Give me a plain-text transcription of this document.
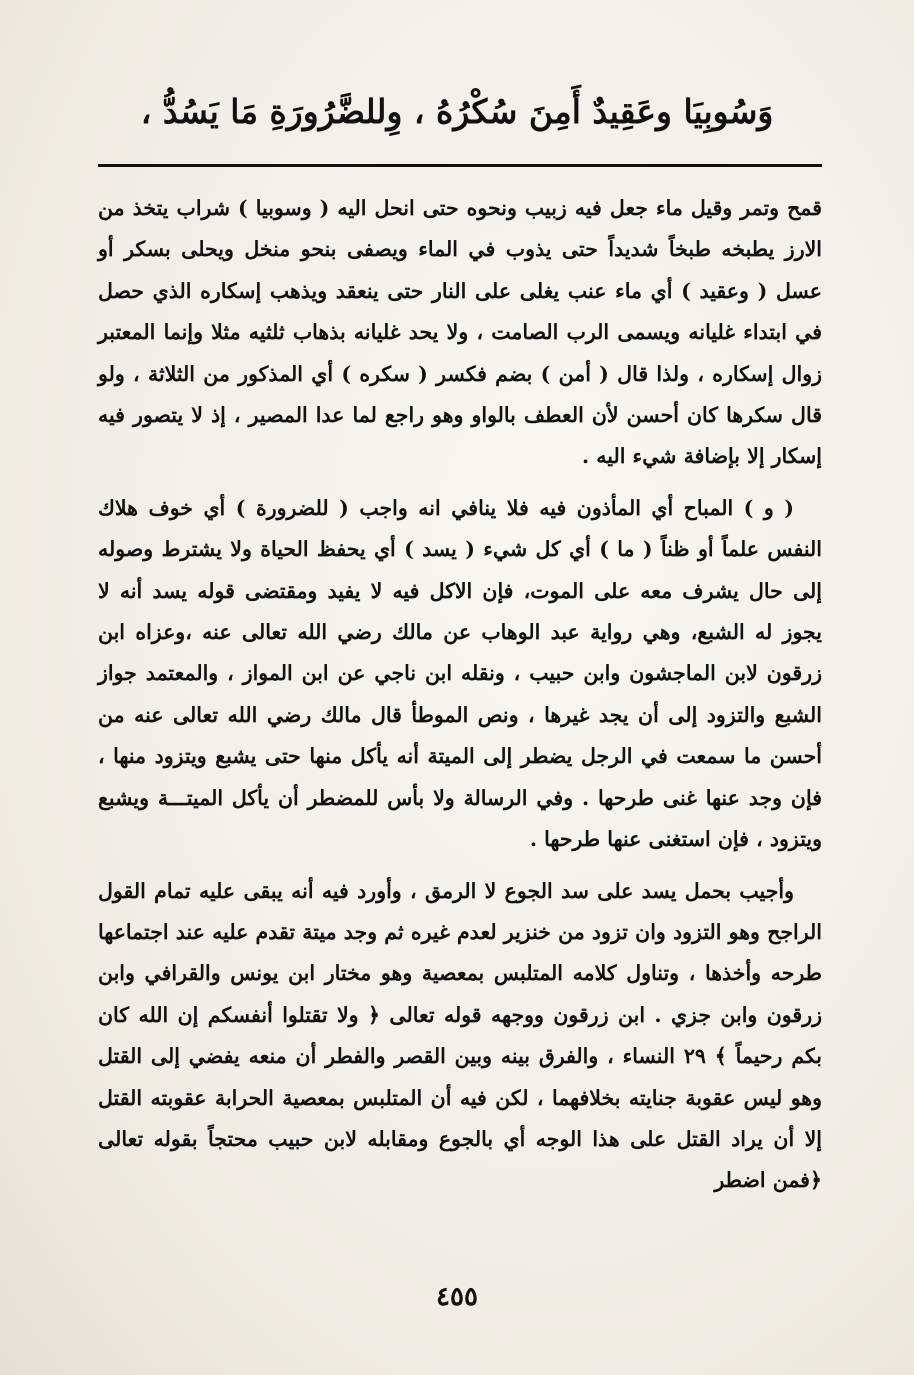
وَسُوبِيَا وعَقِيدٌ أَمِنَ سُكْرُهُ ، وِللضَّرُورَةِ مَا يَسُدُّ ،

قمح وتمر وقيل ماء جعل فيه زبيب ونحوه حتى انحل اليه ( وسوبيا ) شراب يتخذ من الارز يطبخه طبخاً شديداً حتى يذوب في الماء ويصفى بنحو منخل ويحلى بسكر أو عسل ( وعقيد ) أي ماء عنب يغلى على النار حتى ينعقد ويذهب إسكاره الذي حصل في ابتداء غليانه ويسمى الرب الصامت ، ولا يحد غليانه بذهاب ثلثيه مثلا وإنما المعتبر زوال إسكاره ، ولذا قال ( أمن ) بضم فكسر ( سكره ) أي المذكور من الثلاثة ، ولو قال سكرها كان أحسن لأن العطف بالواو وهو راجع لما عدا المصير ، إذ لا يتصور فيه إسكار إلا بإضافة شيء اليه .

( و ) المباح أي المأذون فيه فلا ينافي انه واجب ( للضرورة ) أي خوف هلاك النفس علماً أو ظناً ( ما ) أي كل شيء ( يسد ) أي يحفظ الحياة ولا يشترط وصوله إلى حال يشرف معه على الموت، فإن الاكل فيه لا يفيد ومقتضى قوله يسد أنه لا يجوز له الشبع، وهي رواية عبد الوهاب عن مالك رضي الله تعالى عنه ،وعزاه ابن زرقون لابن الماجشون وابن حبيب ، ونقله ابن ناجي عن ابن المواز ، والمعتمد جواز الشبع والتزود إلى أن يجد غيرها ، ونص الموطأ قال مالك رضي الله تعالى عنه من أحسن ما سمعت في الرجل يضطر إلى الميتة أنه يأكل منها حتى يشبع ويتزود منها ، فإن وجد عنها غنى طرحها . وفي الرسالة ولا بأس للمضطر أن يأكل الميتـــة ويشبع ويتزود ، فإن استغنى عنها طرحها .

وأجيب بحمل يسد على سد الجوع لا الرمق ، وأورد فيه أنه يبقى عليه تمام القول الراجح وهو التزود وان تزود من خنزير لعدم غيره ثم وجد ميتة تقدم عليه عند اجتماعها طرحه وأخذها ، وتناول كلامه المتلبس بمعصية وهو مختار ابن يونس والقرافي وابن زرقون وابن جزي . ابن زرقون ووجهه قوله تعالى ﴿ ولا تقتلوا أنفسكم إن الله كان بكم رحيماً ﴾ ٢٩ النساء ، والفرق بينه وبين القصر والفطر أن منعه يفضي إلى القتل وهو ليس عقوبة جنايته بخلافهما ، لكن فيه أن المتلبس بمعصية الحرابة عقوبته القتل إلا أن يراد القتل على هذا الوجه أي بالجوع ومقابله لابن حبيب محتجاً بقوله تعالى ﴿فمن اضطر

٤٥٥
